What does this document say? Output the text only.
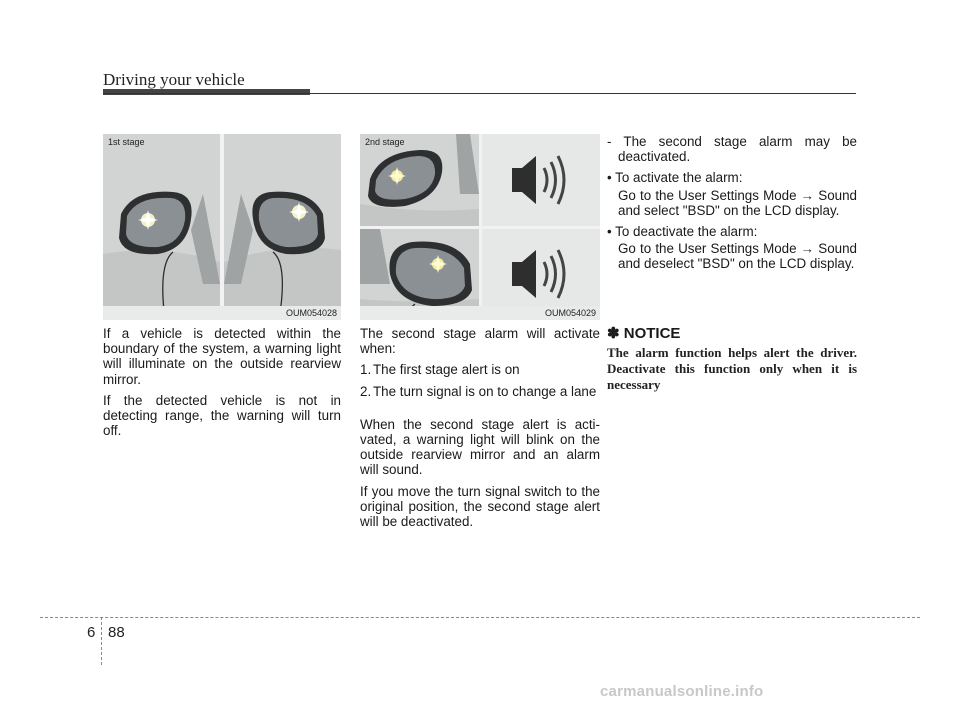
Driving your vehicle
1st stage
OUM054028
2nd stage
OUM054029

If a vehicle is detected within the boundary of the system, a warning light will illuminate on the outside rearview mirror.

If the detected vehicle is not in detecting range, the warning will turn off.

The second stage alarm will activate when:

1. The first stage alert is on
2. The turn signal is on to change a lane

When the second stage alert is acti-vated, a warning light will blink on the outside rearview mirror and an alarm will sound.

If you move the turn signal switch to the original position, the second stage alert will be deactivated.

- The second stage alarm may be deactivated.

• To activate the alarm:

Go to the User Settings Mode → Sound and select "BSD" on the LCD display.

• To deactivate the alarm:

Go to the User Settings Mode → Sound and deselect "BSD" on the LCD display.

✽ NOTICE
The alarm function helps alert the driver. Deactivate this function only when it is necessary
6 88
carmanualsonline.info
